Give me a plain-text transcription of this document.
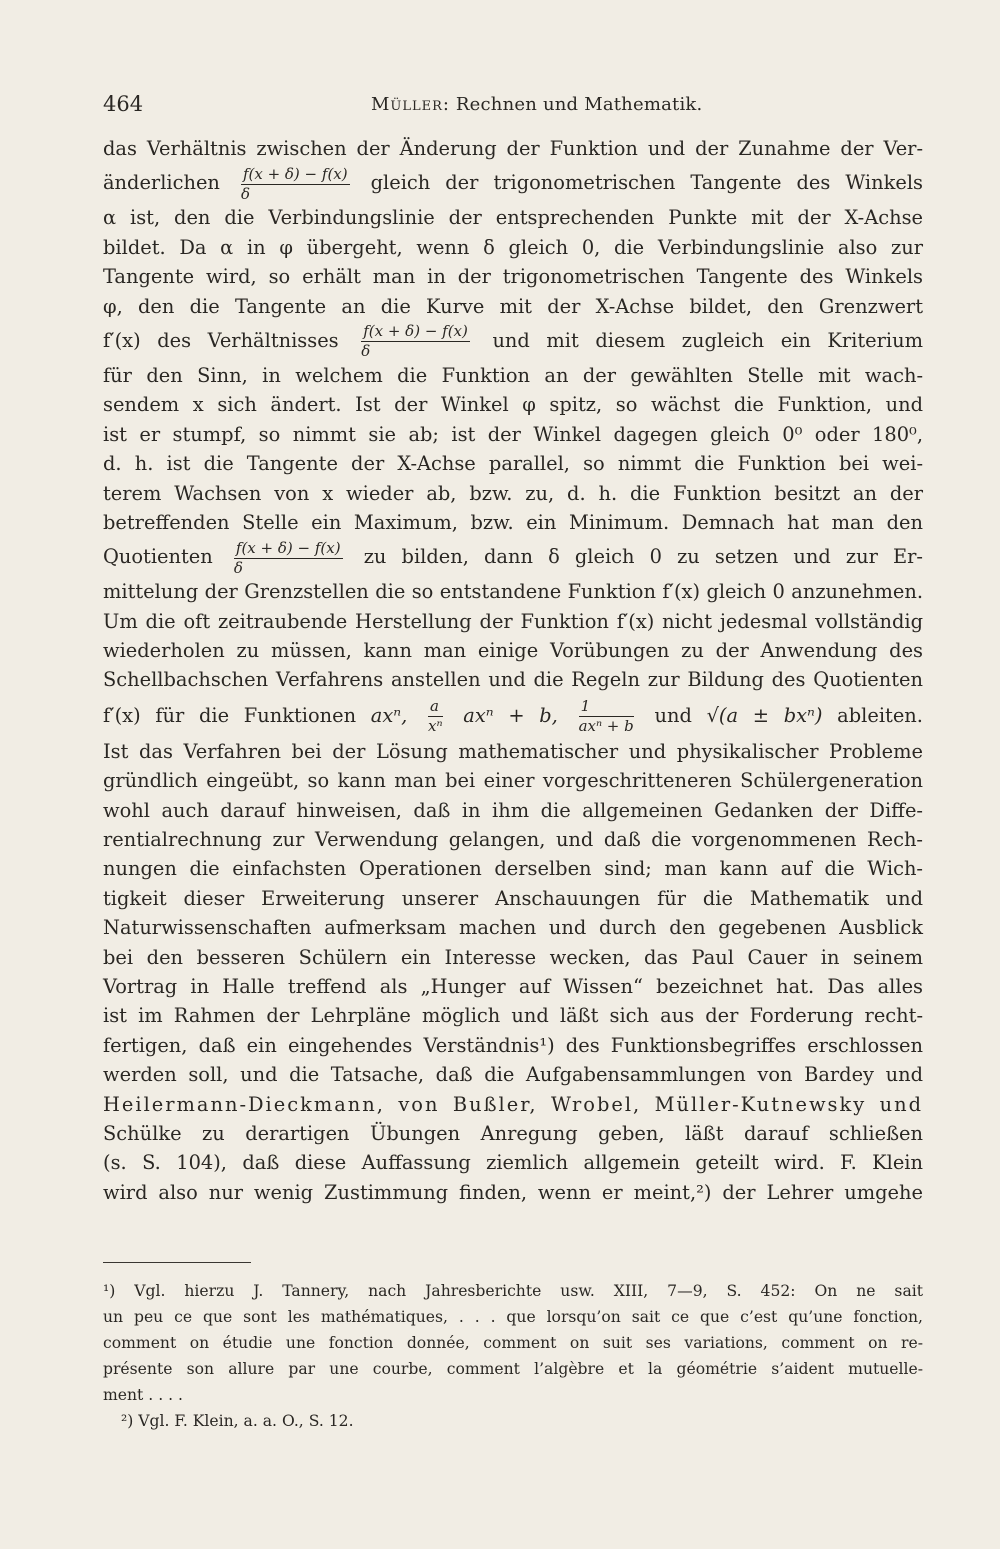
464	Müller: Rechnen und Mathematik.
das Verhältnis zwischen der Änderung der Funktion und der Zunahme der Ver-
änderlichen $\frac{f(x + \delta) - f(x)}{\delta}$ gleich der trigonometrischen Tangente des Winkels
α ist, den die Verbindungslinie der entsprechenden Punkte mit der X-Achse
bildet. Da α in φ übergeht, wenn δ gleich 0, die Verbindungslinie also zur
Tangente wird, so erhält man in der trigonometrischen Tangente des Winkels
φ, den die Tangente an die Kurve mit der X-Achse bildet, den Grenzwert
f′(x) des Verhältnisses $\frac{f(x + \delta) - f(x)}{\delta}$ und mit diesem zugleich ein Kriterium
für den Sinn, in welchem die Funktion an der gewählten Stelle mit wach-
sendem x sich ändert. Ist der Winkel φ spitz, so wächst die Funktion, und
ist er stumpf, so nimmt sie ab; ist der Winkel dagegen gleich 0⁰ oder 180⁰,
d. h. ist die Tangente der X-Achse parallel, so nimmt die Funktion bei wei-
terem Wachsen von x wieder ab, bzw. zu, d. h. die Funktion besitzt an der
betreffenden Stelle ein Maximum, bzw. ein Minimum. Demnach hat man den
Quotienten $\frac{f(x + \delta) - f(x)}{\delta}$ zu bilden, dann δ gleich 0 zu setzen und zur Er-
mittelung der Grenzstellen die so entstandene Funktion f′(x) gleich 0 anzunehmen.
Um die oft zeitraubende Herstellung der Funktion f′(x) nicht jedesmal vollständig
wiederholen zu müssen, kann man einige Vorübungen zu der Anwendung des
Schellbachschen Verfahrens anstellen und die Regeln zur Bildung des Quotienten
f′(x) für die Funktionen axⁿ, $\frac{a}{\text{xⁿ}}$ axⁿ + b, $\frac{1}{\text{axⁿ + b}}$ und √(a ± bxⁿ) ableiten.
Ist das Verfahren bei der Lösung mathematischer und physikalischer Probleme
gründlich eingeübt, so kann man bei einer vorgeschritteneren Schülergeneration
wohl auch darauf hinweisen, daß in ihm die allgemeinen Gedanken der Diffe-
rentialrechnung zur Verwendung gelangen, und daß die vorgenommenen Rech-
nungen die einfachsten Operationen derselben sind; man kann auf die Wich-
tigkeit dieser Erweiterung unserer Anschauungen für die Mathematik und
Naturwissenschaften aufmerksam machen und durch den gegebenen Ausblick
bei den besseren Schülern ein Interesse wecken, das Paul Cauer in seinem
Vortrag in Halle treffend als „Hunger auf Wissen“ bezeichnet hat. Das alles
ist im Rahmen der Lehrpläne möglich und läßt sich aus der Forderung recht-
fertigen, daß ein eingehendes Verständnis¹) des Funktionsbegriffes erschlossen
werden soll, und die Tatsache, daß die Aufgabensammlungen von Bardey und
Heilermann-Dieckmann, von Bußler, Wrobel, Müller-Kutnewsky und
Schülke zu derartigen Übungen Anregung geben, läßt darauf schließen
(s. S. 104), daß diese Auffassung ziemlich allgemein geteilt wird. F. Klein
wird also nur wenig Zustimmung finden, wenn er meint,²) der Lehrer umgehe
¹) Vgl. hierzu J. Tannery, nach Jahresberichte usw. XIII, 7—9, S. 452: On ne sait
un peu ce que sont les mathématiques, . . . que lorsqu’on sait ce que c’est qu’une fonction,
comment on étudie une fonction donnée, comment on suit ses variations, comment on re-
présente son allure par une courbe, comment l’algèbre et la géométrie s’aident mutuelle-
ment . . . .
²) Vgl. F. Klein, a. a. O., S. 12.
